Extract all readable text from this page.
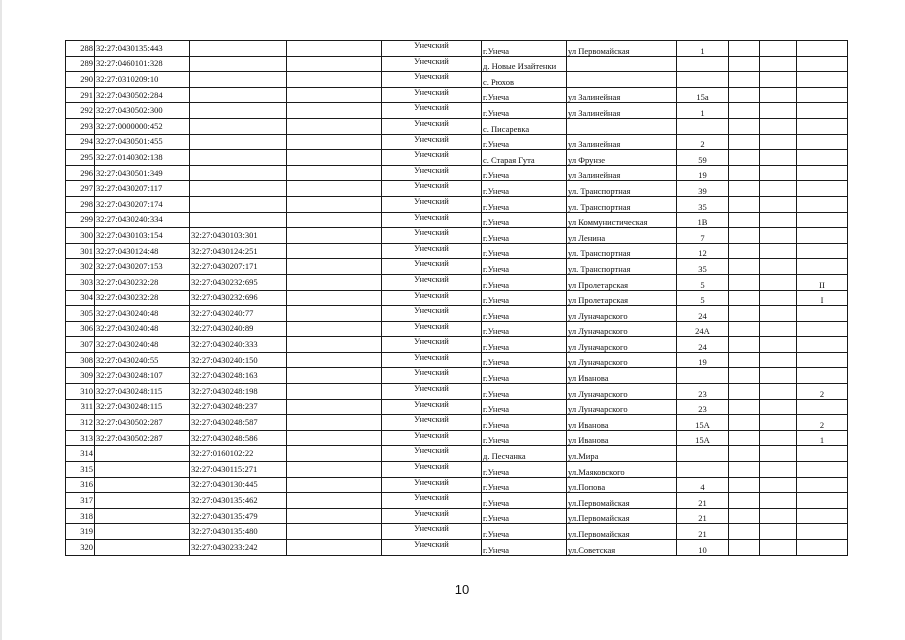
288	32:27:0430135:443			Унечский	г.Унеча	ул Первомайская	1			
289	32:27:0460101:328			Унечский	д. Новые Изайтенки					
290	32:27:0310209:10			Унечский	с. Рюхов					
291	32:27:0430502:284			Унечский	г.Унеча	ул Залинейная	15а			
292	32:27:0430502:300			Унечский	г.Унеча	ул Залинейная	1			
293	32:27:0000000:452			Унечский	с. Писаревка					
294	32:27:0430501:455			Унечский	г.Унеча	ул Залинейная	2			
295	32:27:0140302:138			Унечский	с. Старая Гута	ул Фрунзе	59			
296	32:27:0430501:349			Унечский	г.Унеча	ул Залинейная	19			
297	32:27:0430207:117			Унечский	г.Унеча	ул. Транспортная	39			
298	32:27:0430207:174			Унечский	г.Унеча	ул. Транспортная	35			
299	32:27:0430240:334			Унечский	г.Унеча	ул Коммунистическая	1В			
300	32:27:0430103:154	32:27:0430103:301		Унечский	г.Унеча	ул Ленина	7			
301	32:27:0430124:48	32:27:0430124:251		Унечский	г.Унеча	ул. Транспортная	12			
302	32:27:0430207:153	32:27:0430207:171		Унечский	г.Унеча	ул. Транспортная	35			
303	32:27:0430232:28	32:27:0430232:695		Унечский	г.Унеча	ул Пролетарская	5			II
304	32:27:0430232:28	32:27:0430232:696		Унечский	г.Унеча	ул Пролетарская	5			I
305	32:27:0430240:48	32:27:0430240:77		Унечский	г.Унеча	ул Луначарского	24			
306	32:27:0430240:48	32:27:0430240:89		Унечский	г.Унеча	ул Луначарского	24А			
307	32:27:0430240:48	32:27:0430240:333		Унечский	г.Унеча	ул Луначарского	24			
308	32:27:0430240:55	32:27:0430240:150		Унечский	г.Унеча	ул Луначарского	19			
309	32:27:0430248:107	32:27:0430248:163		Унечский	г.Унеча	ул Иванова				
310	32:27:0430248:115	32:27:0430248:198		Унечский	г.Унеча	ул Луначарского	23			2
311	32:27:0430248:115	32:27:0430248:237		Унечский	г.Унеча	ул Луначарского	23			
312	32:27:0430502:287	32:27:0430248:587		Унечский	г.Унеча	ул Иванова	15А			2
313	32:27:0430502:287	32:27:0430248:586		Унечский	г.Унеча	ул Иванова	15А			1
314		32:27:0160102:22		Унечский	д. Песчанка	ул.Мира				
315		32:27:0430115:271		Унечский	г.Унеча	ул.Маяковского				
316		32:27:0430130:445		Унечский	г.Унеча	ул.Попова	4			
317		32:27:0430135:462		Унечский	г.Унеча	ул.Первомайская	21			
318		32:27:0430135:479		Унечский	г.Унеча	ул.Первомайская	21			
319		32:27:0430135:480		Унечский	г.Унеча	ул.Первомайская	21			
320		32:27:0430233:242		Унечский	г.Унеча	ул.Советская	10			
10
